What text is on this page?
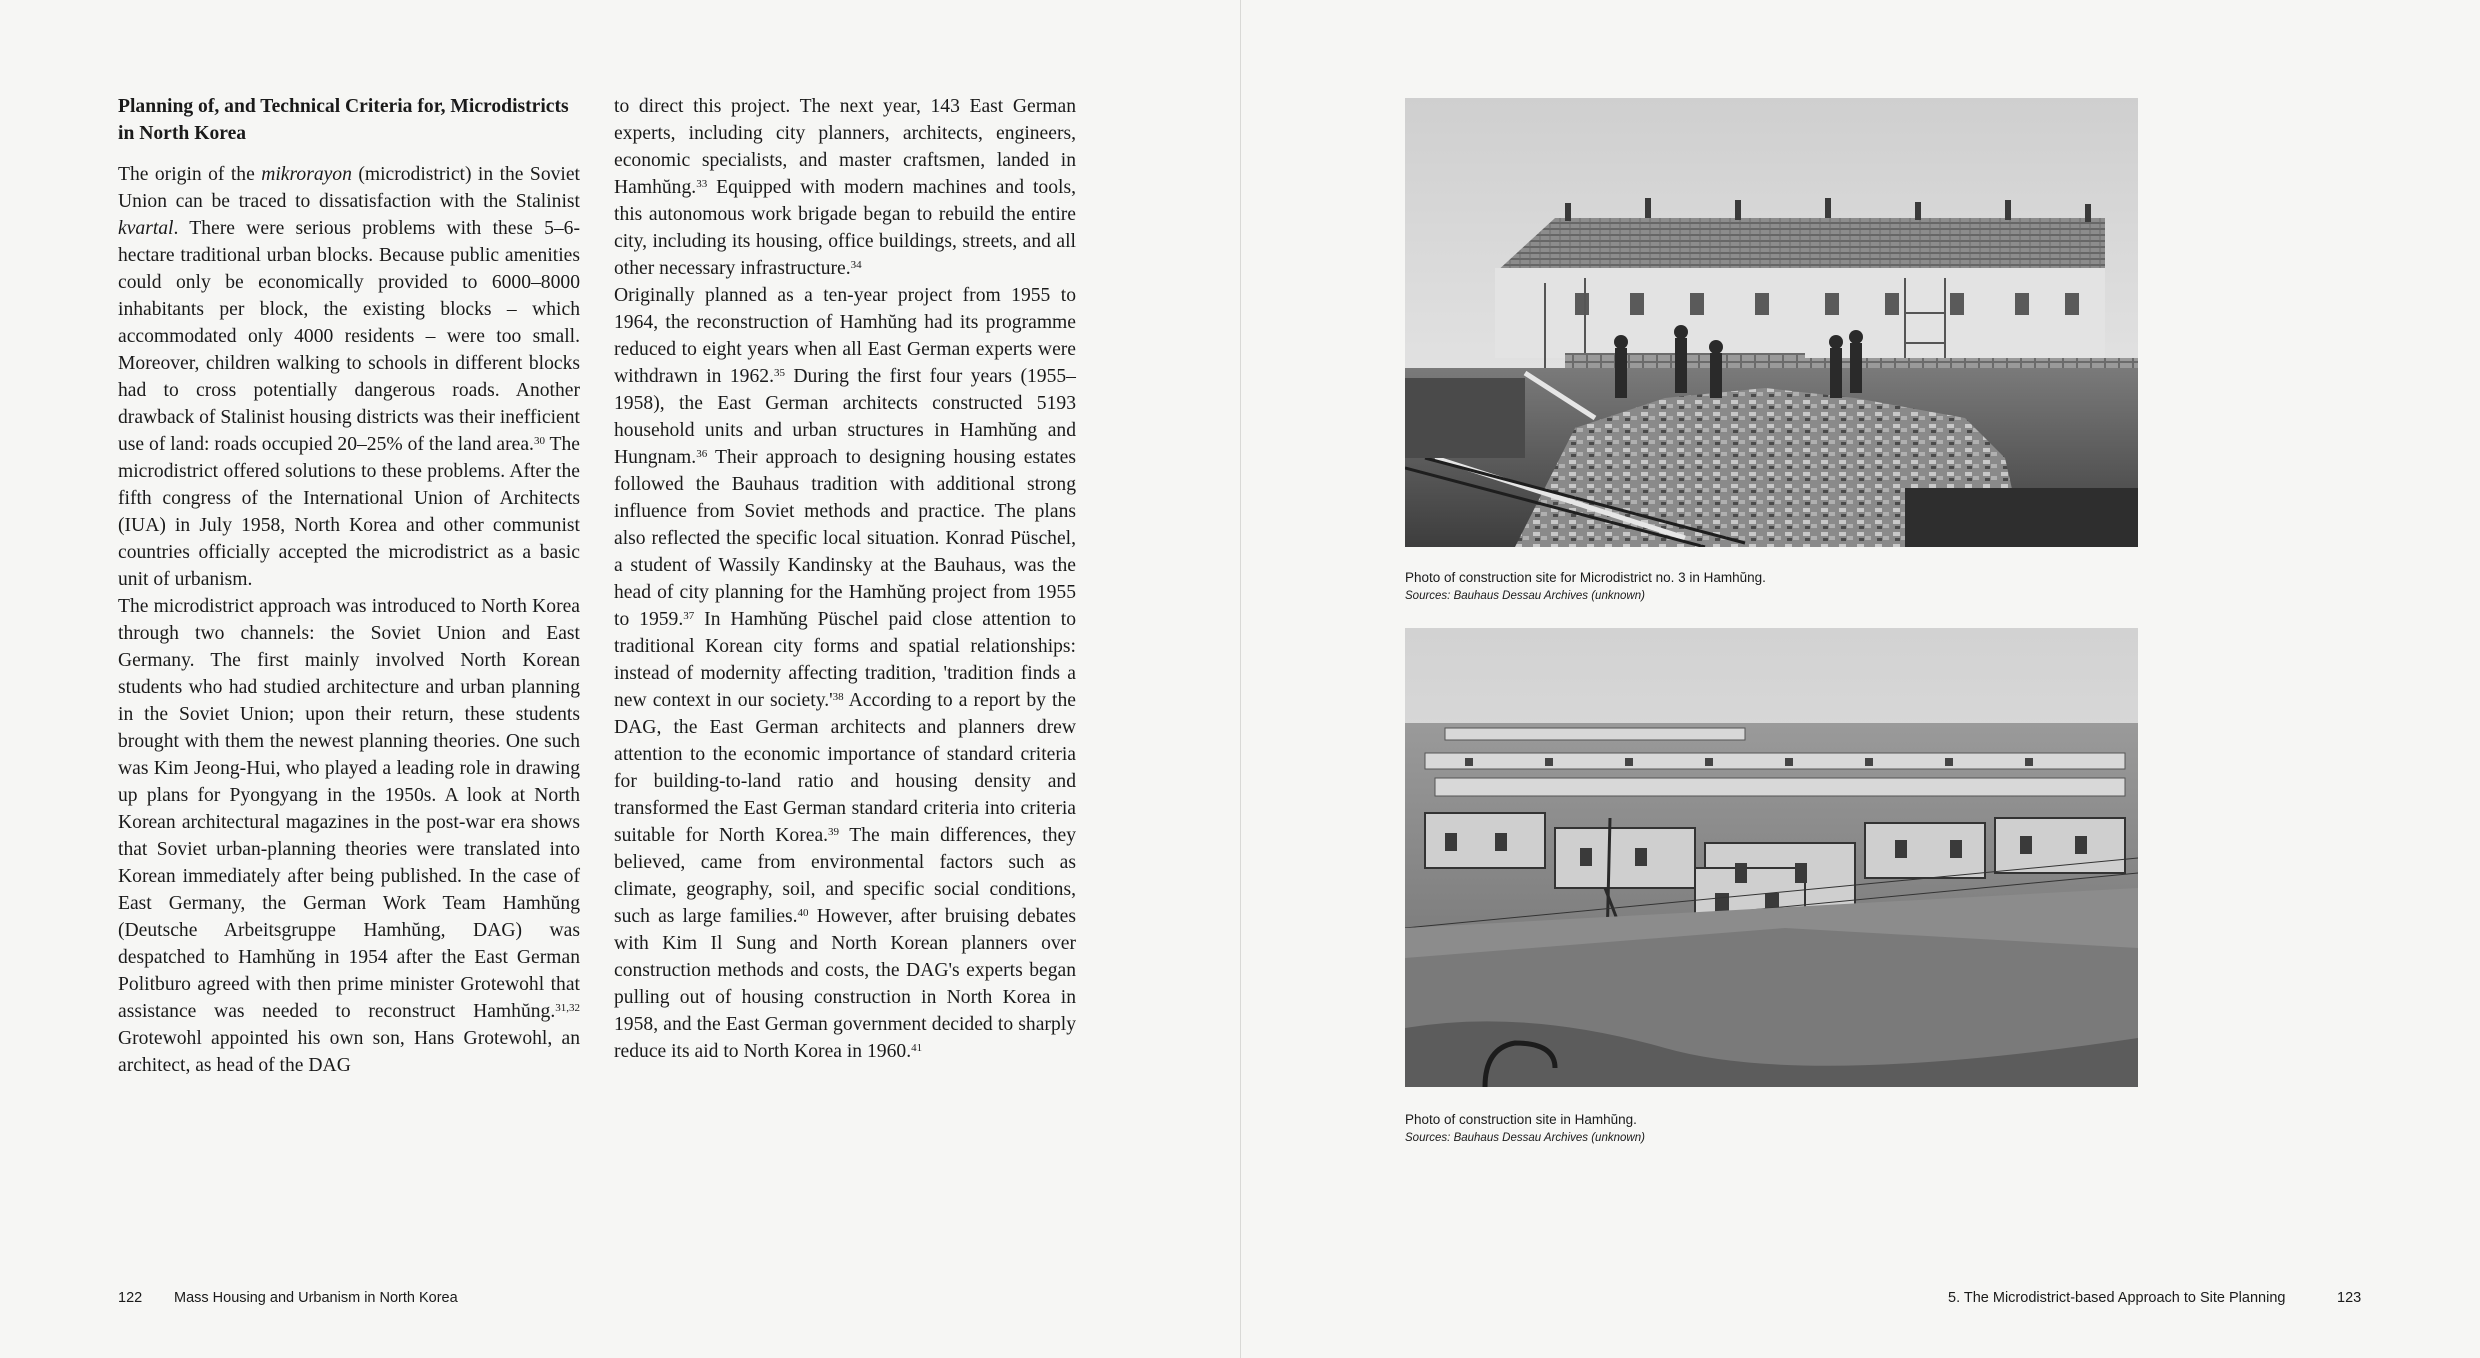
Planning of, and Technical Criteria for, Microdistricts in North Korea

The origin of the mikrorayon (microdistrict) in the Soviet Union can be traced to dissatisfaction with the Stalinist kvartal. There were serious problems with these 5–6-hectare traditional urban blocks. Because public amenities could only be economically provided to 6000–8000 inhabitants per block, the existing blocks – which accommodated only 4000 residents – were too small. Moreover, children walking to schools in different blocks had to cross potentially dangerous roads. Another drawback of Stalinist housing districts was their inefficient use of land: roads occupied 20–25% of the land area.$^{30}$ The microdistrict offered solutions to these problems. After the fifth congress of the International Union of Architects (IUA) in July 1958, North Korea and other communist countries officially accepted the microdistrict as a basic unit of urbanism.

The microdistrict approach was introduced to North Korea through two channels: the Soviet Union and East Germany. The first mainly involved North Korean students who had studied architecture and urban planning in the Soviet Union; upon their return, these students brought with them the newest planning theories. One such was Kim Jeong-Hui, who played a leading role in drawing up plans for Pyongyang in the 1950s. A look at North Korean architectural magazines in the post-war era shows that Soviet urban-planning theories were translated into Korean immediately after being published. In the case of East Germany, the German Work Team Hamhŭng (Deutsche Arbeitsgruppe Hamhŭng, DAG) was despatched to Hamhŭng in 1954 after the East German Politburo agreed with then prime minister Grotewohl that assistance was needed to reconstruct Hamhŭng.$^{31,32}$ Grotewohl appointed his own son, Hans Grotewohl, an architect, as head of the DAG

to direct this project. The next year, 143 East German experts, including city planners, architects, engineers, economic specialists, and master craftsmen, landed in Hamhŭng.$^{33}$ Equipped with modern machines and tools, this autonomous work brigade began to rebuild the entire city, including its housing, office buildings, streets, and all other necessary infrastructure.$^{34}$

Originally planned as a ten-year project from 1955 to 1964, the reconstruction of Hamhŭng had its programme reduced to eight years when all East German experts were withdrawn in 1962.35 During the first four years (1955–1958), the East German architects constructed 5193 household units and urban structures in Hamhŭng and Hungnam.$^{36}$ Their approach to designing housing estates followed the Bauhaus tradition with additional strong influence from Soviet methods and practice. The plans also reflected the specific local situation. Konrad Püschel, a student of Wassily Kandinsky at the Bauhaus, was the head of city planning for the Hamhŭng project from 1955 to 1959.37 In Hamhŭng Püschel paid close attention to traditional Korean city forms and spatial relationships: instead of modernity affecting tradition, 'tradition finds a new context in our $society.'^{38}$ According to a report by the DAG, the East German architects and planners drew attention to the economic importance of standard criteria for building-to-land ratio and housing density and transformed the East German standard criteria into criteria suitable for North Korea.$^{39}$ The main differences, they believed, came from environmental factors such as climate, geography, soil, and specific social conditions, such as large families.$^{40}$ However, after bruising debates with Kim Il Sung and North Korean planners over construction methods and costs, the DAG's experts began pulling out of housing construction in North Korea in 1958, and the East German government decided to sharply reduce its aid to North Korea in 1960.41

122 Mass Housing and Urbanism in North Korea
Photo of construction site for Microdistrict no. 3 in Hamhŭng.
Sources: Bauhaus Dessau Archives (unknown)
Photo of construction site in Hamhŭng.
Sources: Bauhaus Dessau Archives (unknown)
5. The Microdistrict-based Approach to Site Planning	123
